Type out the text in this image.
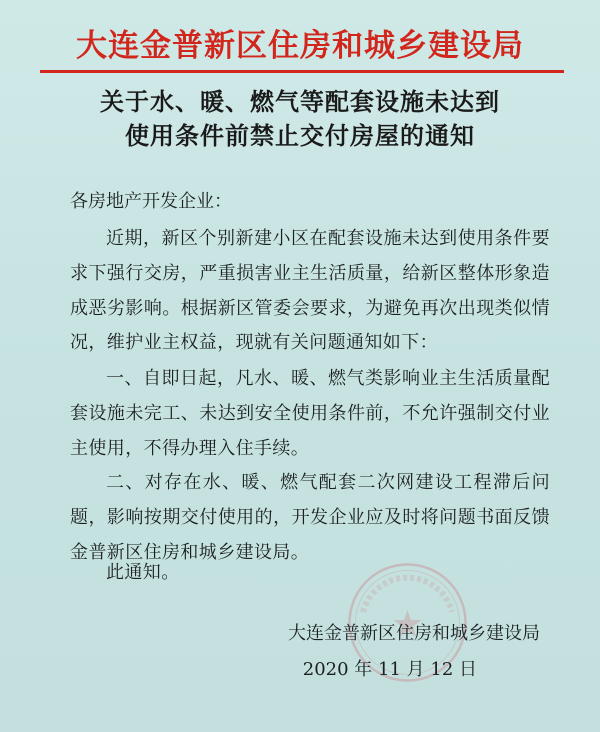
大连金普新区住房和城乡建设局
关于水、暖、燃气等配套设施未达到
使用条件前禁止交付房屋的通知
各房地产开发企业：
近期，新区个别新建小区在配套设施未达到使用条件要求下强行交房，严重损害业主生活质量，给新区整体形象造成恶劣影响。根据新区管委会要求，为避免再次出现类似情况，维护业主权益，现就有关问题通知如下：
一、自即日起，凡水、暖、燃气类影响业主生活质量配套设施未完工、未达到安全使用条件前，不允许强制交付业主使用，不得办理入住手续。
二、对存在水、暖、燃气配套二次网建设工程滞后问题，影响按期交付使用的，开发企业应及时将问题书面反馈金普新区住房和城乡建设局。
此通知。
大连金普新区住房和城乡建设局
2020 年 11 月 12 日
